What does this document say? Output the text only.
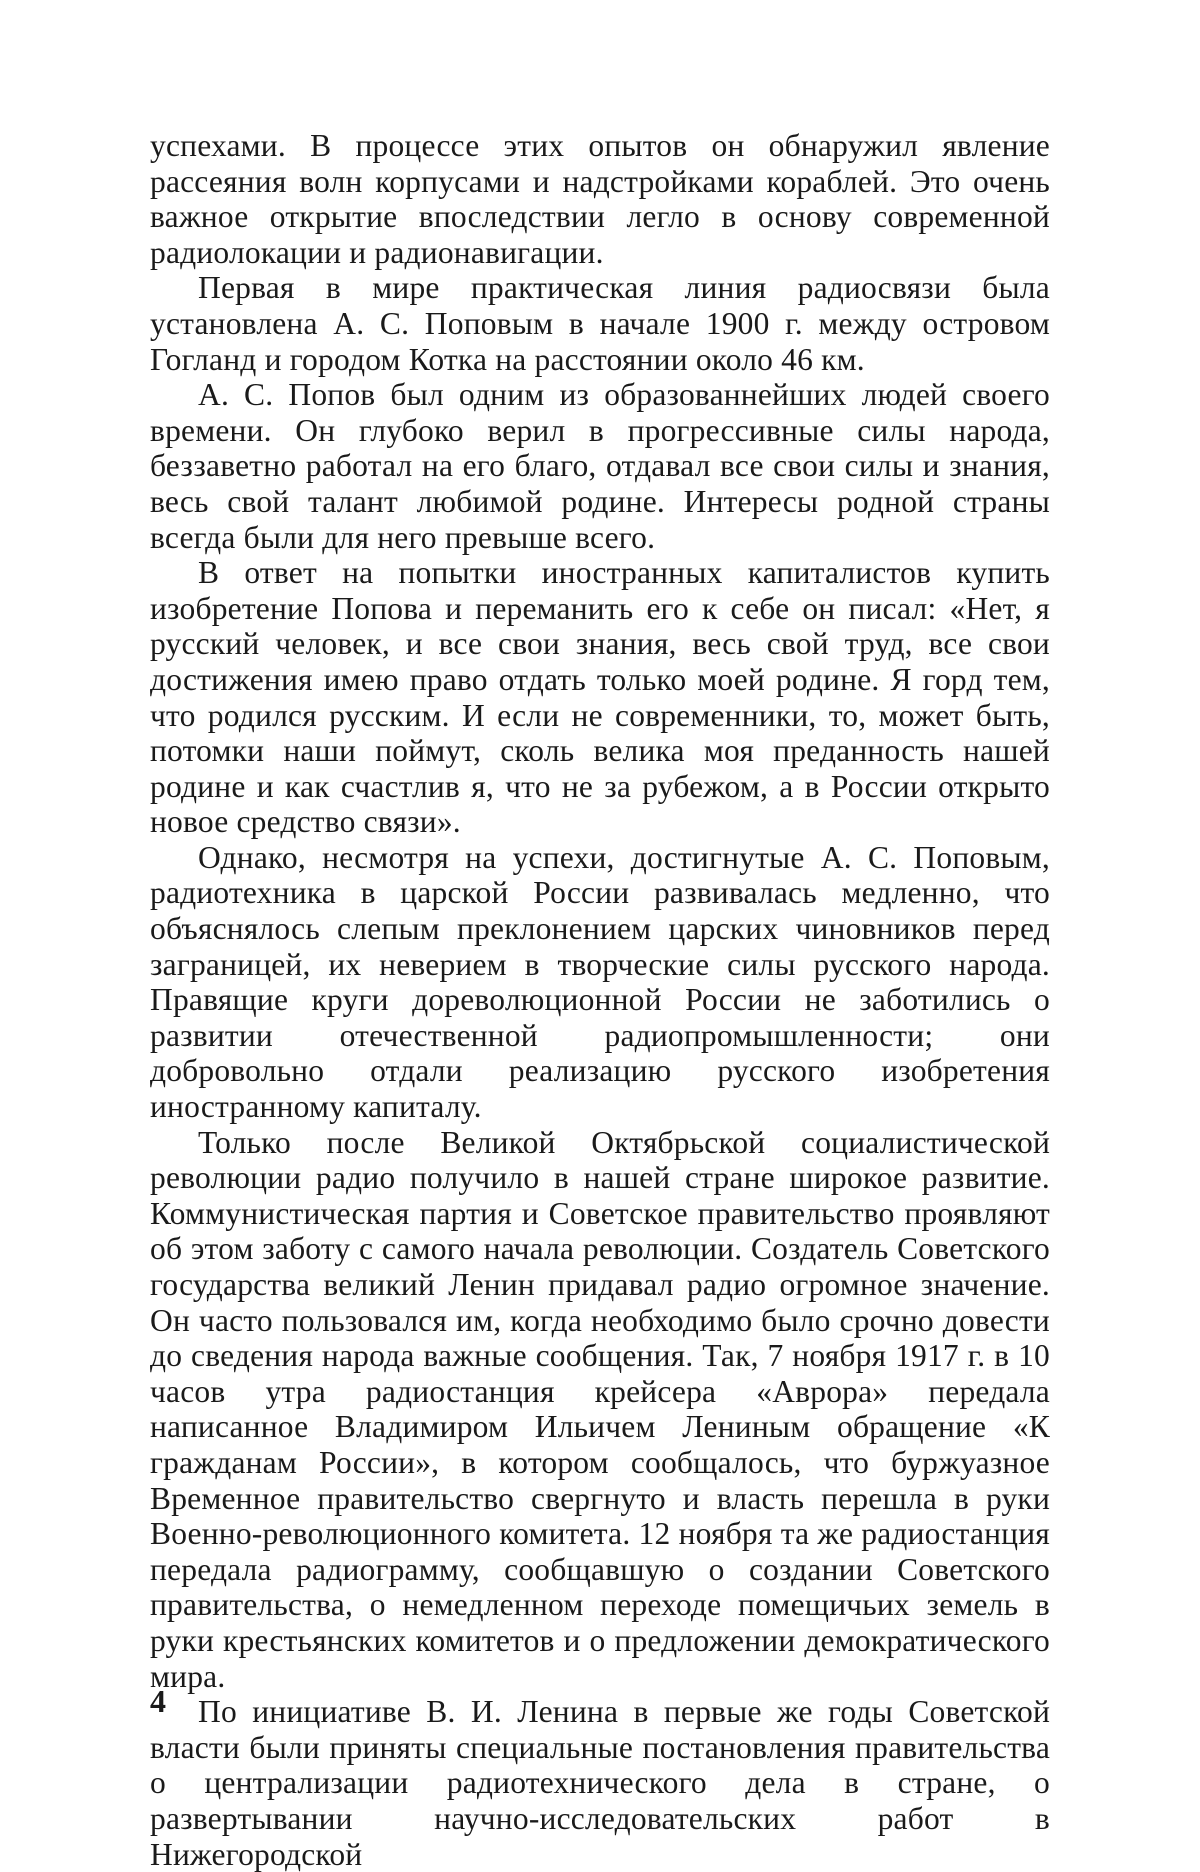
успехами. В процессе этих опытов он обнаружил явление рассеяния волн корпусами и надстройками кораблей. Это очень важное открытие впоследствии легло в основу современной радиолокации и радионавигации.

Первая в мире практическая линия радиосвязи была установлена А. С. Поповым в начале 1900 г. между островом Гогланд и городом Котка на расстоянии около 46 км.

А. С. Попов был одним из образованнейших людей своего времени. Он глубоко верил в прогрессивные силы народа, беззаветно работал на его благо, отдавал все свои силы и знания, весь свой талант любимой родине. Интересы родной страны всегда были для него превыше всего.

В ответ на попытки иностранных капиталистов купить изобретение Попова и переманить его к себе он писал: «Нет, я русский человек, и все свои знания, весь свой труд, все свои достижения имею право отдать только моей родине. Я горд тем, что родился русским. И если не современники, то, может быть, потомки наши поймут, сколь велика моя преданность нашей родине и как счастлив я, что не за рубежом, а в России открыто новое средство связи».

Однако, несмотря на успехи, достигнутые А. С. Поповым, радиотехника в царской России развивалась медленно, что объяснялось слепым преклонением царских чиновников перед заграницей, их неверием в творческие силы русского народа. Правящие круги дореволюционной России не заботились о развитии отечественной радиопромышленности; они добровольно отдали реализацию русского изобретения иностранному капиталу.

Только после Великой Октябрьской социалистической революции радио получило в нашей стране широкое развитие. Коммунистическая партия и Советское правительство проявляют об этом заботу с самого начала революции. Создатель Советского государства великий Ленин придавал радио огромное значение. Он часто пользовался им, когда необходимо было срочно довести до сведения народа важные сообщения. Так, 7 ноября 1917 г. в 10 часов утра радиостанция крейсера «Аврора» передала написанное Владимиром Ильичем Лениным обращение «К гражданам России», в котором сообщалось, что буржуазное Временное правительство свергнуто и власть перешла в руки Военно-революционного комитета. 12 ноября та же радиостанция передала радиограмму, сообщавшую о создании Советского правительства, о немедленном переходе помещичьих земель в руки крестьянских комитетов и о предложении демократического мира.

По инициативе В. И. Ленина в первые же годы Советской власти были приняты специальные постановления правительства о централизации радиотехнического дела в стране, о развертывании научно-исследовательских работ в Нижегородской

4
